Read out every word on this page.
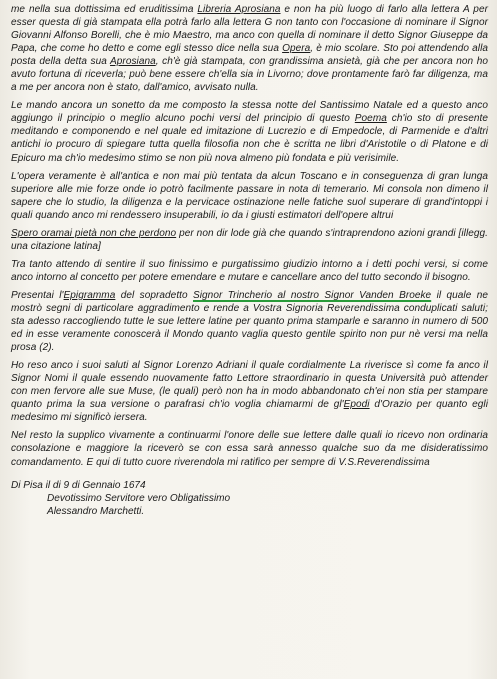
me nella sua dottissima ed eruditissima Libreria Aprosiana e non ha più luogo di farlo alla lettera A per esser questa di già stampata ella potrà farlo alla lettera G non tanto con l'occasione di nominare il Signor Giovanni Alfonso Borelli, che è mio Maestro, ma anco con quella di nominare il detto Signor Giuseppe da Papa, che come ho detto e come egli stesso dice nella sua Opera, è mio scolare. Sto poi attendendo alla posta della detta sua Aprosiana, ch'è già stampata, con grandissima ansietà, già che per ancora non ho avuto fortuna di riceverla; può bene essere ch'ella sia in Livorno; dove prontamente farò far diligenza, ma a me per ancora non è stato, dall'amico, avvisato nulla.

Le mando ancora un sonetto da me composto la stessa notte del Santissimo Natale ed a questo anco aggiungo il principio o meglio alcuno pochi versi del principio di questo Poema ch'io sto di presente meditando e componendo e nel quale ed imitazione di Lucrezio e di Empedocle, di Parmenide e d'altri antichi io procuro di spiegare tutta quella filosofia non che è scritta ne libri d'Aristotile o di Platone e di Epicuro ma ch'io medesimo stimo se non più nova almeno più fondata e più verisimile.

L'opera veramente è all'antica e non mai più tentata da alcun Toscano e in conseguenza di gran lunga superiore alle mie forze onde io potrò facilmente passare in nota di temerario. Mi consola non dimeno il sapere che lo studio, la diligenza e la pervicace ostinazione nelle fatiche suol superare di grand'intoppi i quali quando anco mi rendessero insuperabili, io da i giusti estimatori dell'opere altrui

Spero oramai pietà non che perdono per non dir lode già che quando s'intraprendono azioni grandi [illegg. una citazione latina]

Tra tanto attendo di sentire il suo finissimo e purgatissimo giudizio intorno a i detti pochi versi, si come anco intorno al concetto per potere emendare e mutare e cancellare anco del tutto secondo il bisogno.

Presentai l'Epigramma del sopradetto Signor Trincherio al nostro Signor Vanden Broeke il quale ne mostrò segni di particolare aggradimento e rende a Vostra Signoria Reverendissima conduplicati saluti; sta adesso raccogliendo tutte le sue lettere latine per quanto prima stamparle e saranno in numero di 500 ed in esse veramente conoscerà il Mondo quanto vaglia questo gentile spirito non pur nè versi ma nella prosa (2).

Ho reso anco i suoi saluti al Signor Lorenzo Adriani il quale cordialmente La riverisce sì come fa anco il Signor Nomi il quale essendo nuovamente fatto Lettore straordinario in questa Università può attender con men fervore alle sue Muse, (le quali) però non ha in modo abbandonato ch'ei non stia per stampare quanto prima la sua versione o parafrasi ch'io voglia chiamarmi de gl'Epodi d'Orazio per quanto egli medesimo mi significò iersera.

Nel resto la supplico vivamente a continuarmi l'onore delle sue lettere dalle quali io ricevo non ordinaria consolazione e maggiore la riceverò se con essa sarà annesso qualche suo da me disideratissimo comandamento. E qui di tutto cuore riverendola mi ratifico per sempre di V.S.Reverendissima

Di Pisa il di 9 di Gennaio 1674

Devotissimo Servitore vero Obligatissimo

Alessandro Marchetti.
